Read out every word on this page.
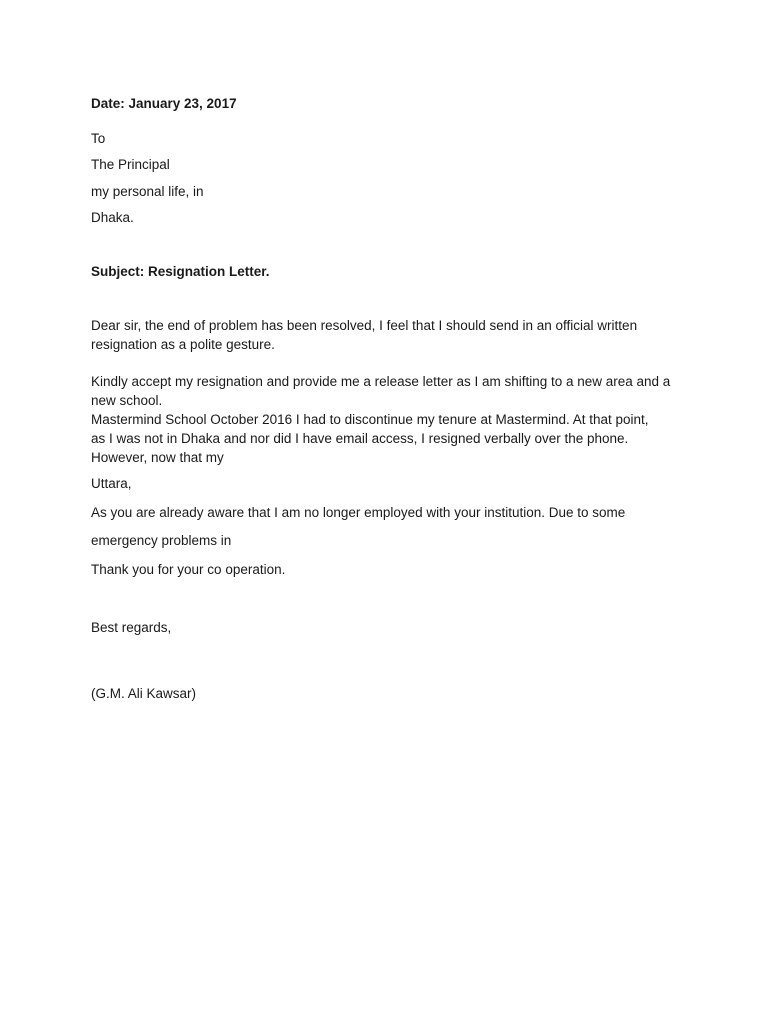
Date: January 23, 2017
To
The Principal
my personal life, in
Dhaka.
Subject: Resignation Letter.
Dear sir, the end of problem has been resolved, I feel that I should send in an official written
resignation as a polite gesture.
Kindly accept my resignation and provide me a release letter as I am shifting to a new area and a
new school.
Mastermind School October 2016 I had to discontinue my tenure at Mastermind. At that point,
as I was not in Dhaka and nor did I have email access, I resigned verbally over the phone.
However, now that my
Uttara,
As you are already aware that I am no longer employed with your institution. Due to some
emergency problems in
Thank you for your co operation.
Best regards,
(G.M. Ali Kawsar)
